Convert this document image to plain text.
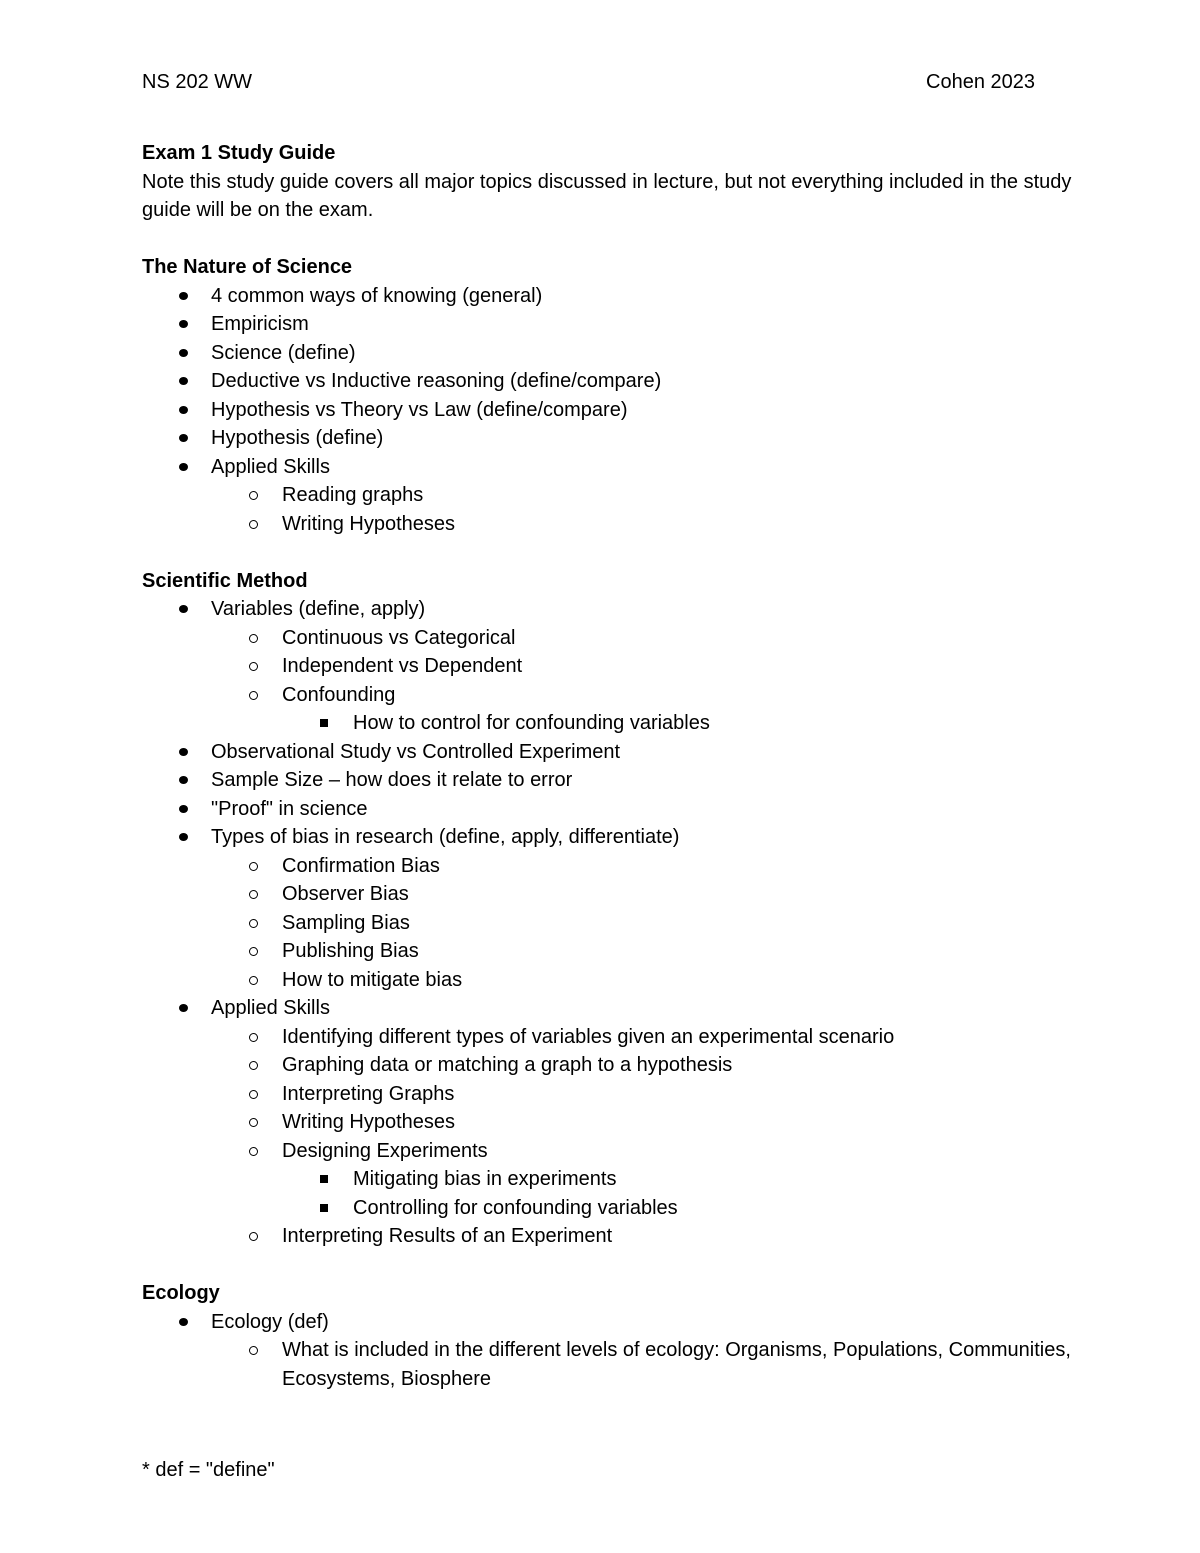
NS 202 WW	Cohen 2023

Exam 1 Study Guide

Note this study guide covers all major topics discussed in lecture, but not everything included in the study guide will be on the exam.

The Nature of Science

4 common ways of knowing (general)
Empiricism
Science (define)
Deductive vs Inductive reasoning (define/compare)
Hypothesis vs Theory vs Law (define/compare)
Hypothesis (define)
Applied Skills
Reading graphs
Writing Hypotheses

Scientific Method

Variables (define, apply)
Continuous vs Categorical
Independent vs Dependent
Confounding
How to control for confounding variables
Observational Study vs Controlled Experiment
Sample Size – how does it relate to error
"Proof" in science
Types of bias in research (define, apply, differentiate)
Confirmation Bias
Observer Bias
Sampling Bias
Publishing Bias
How to mitigate bias
Applied Skills
Identifying different types of variables given an experimental scenario
Graphing data or matching a graph to a hypothesis
Interpreting Graphs
Writing Hypotheses
Designing Experiments
Mitigating bias in experiments
Controlling for confounding variables
Interpreting Results of an Experiment

Ecology

Ecology (def)
What is included in the different levels of ecology: Organisms, Populations, Communities, Ecosystems, Biosphere
* def = "define"
